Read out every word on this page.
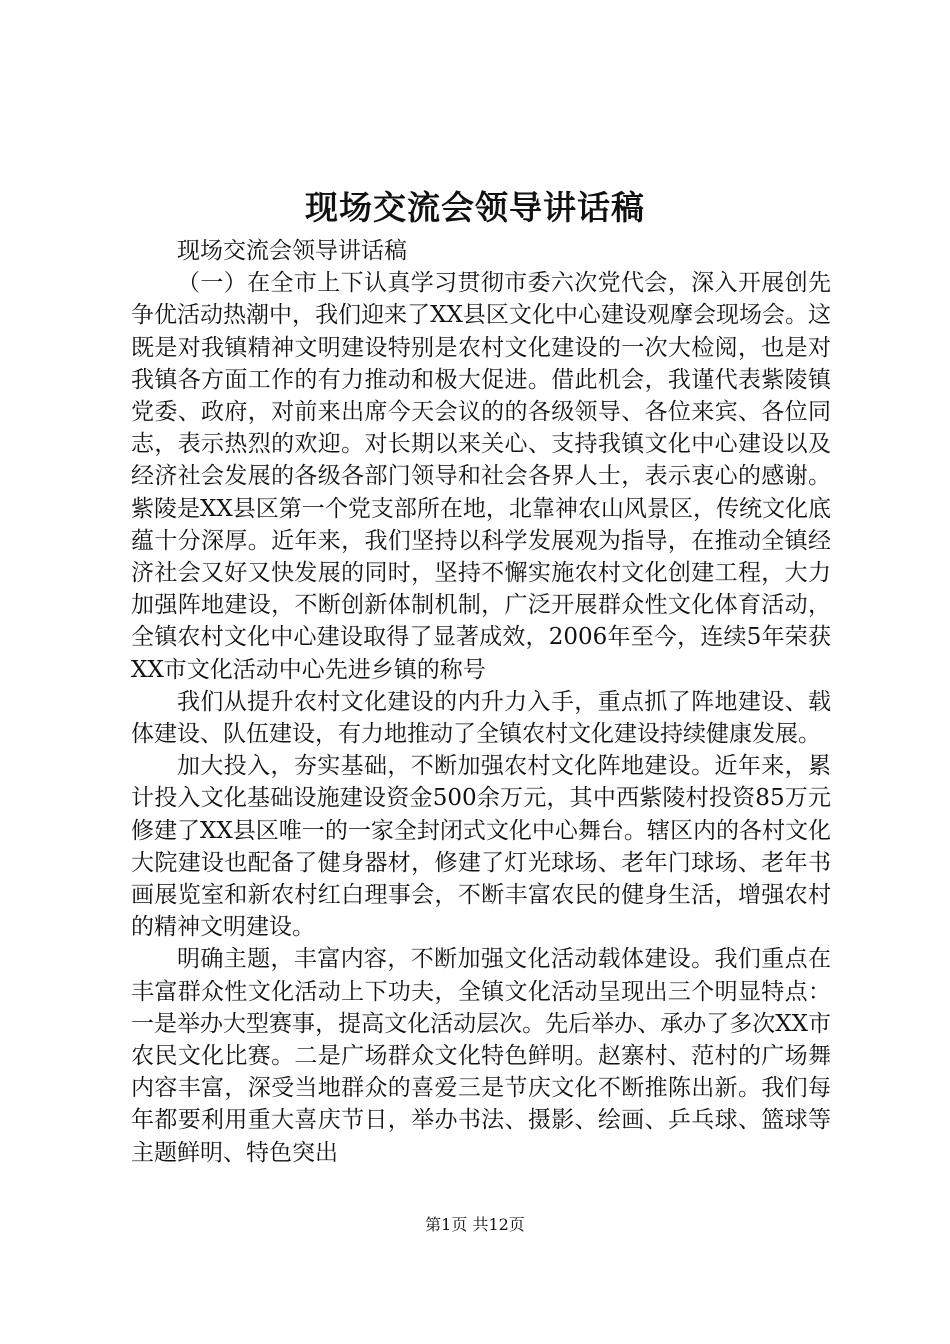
现场交流会领导讲话稿

现场交流会领导讲话稿

（一）在全市上下认真学习贯彻市委六次党代会，深入开展创先争优活动热潮中，我们迎来了XX县区文化中心建设观摩会现场会。这既是对我镇精神文明建设特别是农村文化建设的一次大检阅，也是对我镇各方面工作的有力推动和极大促进。借此机会，我谨代表紫陵镇党委、政府，对前来出席今天会议的的各级领导、各位来宾、各位同志，表示热烈的欢迎。对长期以来关心、支持我镇文化中心建设以及经济社会发展的各级各部门领导和社会各界人士，表示衷心的感谢。紫陵是XX县区第一个党支部所在地，北靠神农山风景区，传统文化底蕴十分深厚。近年来，我们坚持以科学发展观为指导，在推动全镇经济社会又好又快发展的同时，坚持不懈实施农村文化创建工程，大力加强阵地建设，不断创新体制机制，广泛开展群众性文化体育活动，全镇农村文化中心建设取得了显著成效，2006年至今，连续5年荣获XX市文化活动中心先进乡镇的称号

我们从提升农村文化建设的内升力入手，重点抓了阵地建设、载体建设、队伍建设，有力地推动了全镇农村文化建设持续健康发展。

加大投入，夯实基础，不断加强农村文化阵地建设。近年来，累计投入文化基础设施建设资金500余万元，其中西紫陵村投资85万元修建了XX县区唯一的一家全封闭式文化中心舞台。辖区内的各村文化大院建设也配备了健身器材，修建了灯光球场、老年门球场、老年书画展览室和新农村红白理事会，不断丰富农民的健身生活，增强农村的精神文明建设。

明确主题，丰富内容，不断加强文化活动载体建设。我们重点在丰富群众性文化活动上下功夫，全镇文化活动呈现出三个明显特点：一是举办大型赛事，提高文化活动层次。先后举办、承办了多次XX市农民文化比赛。二是广场群众文化特色鲜明。赵寨村、范村的广场舞内容丰富，深受当地群众的喜爱三是节庆文化不断推陈出新。我们每年都要利用重大喜庆节日，举办书法、摄影、绘画、乒乓球、篮球等主题鲜明、特色突出

第1页 共12页
